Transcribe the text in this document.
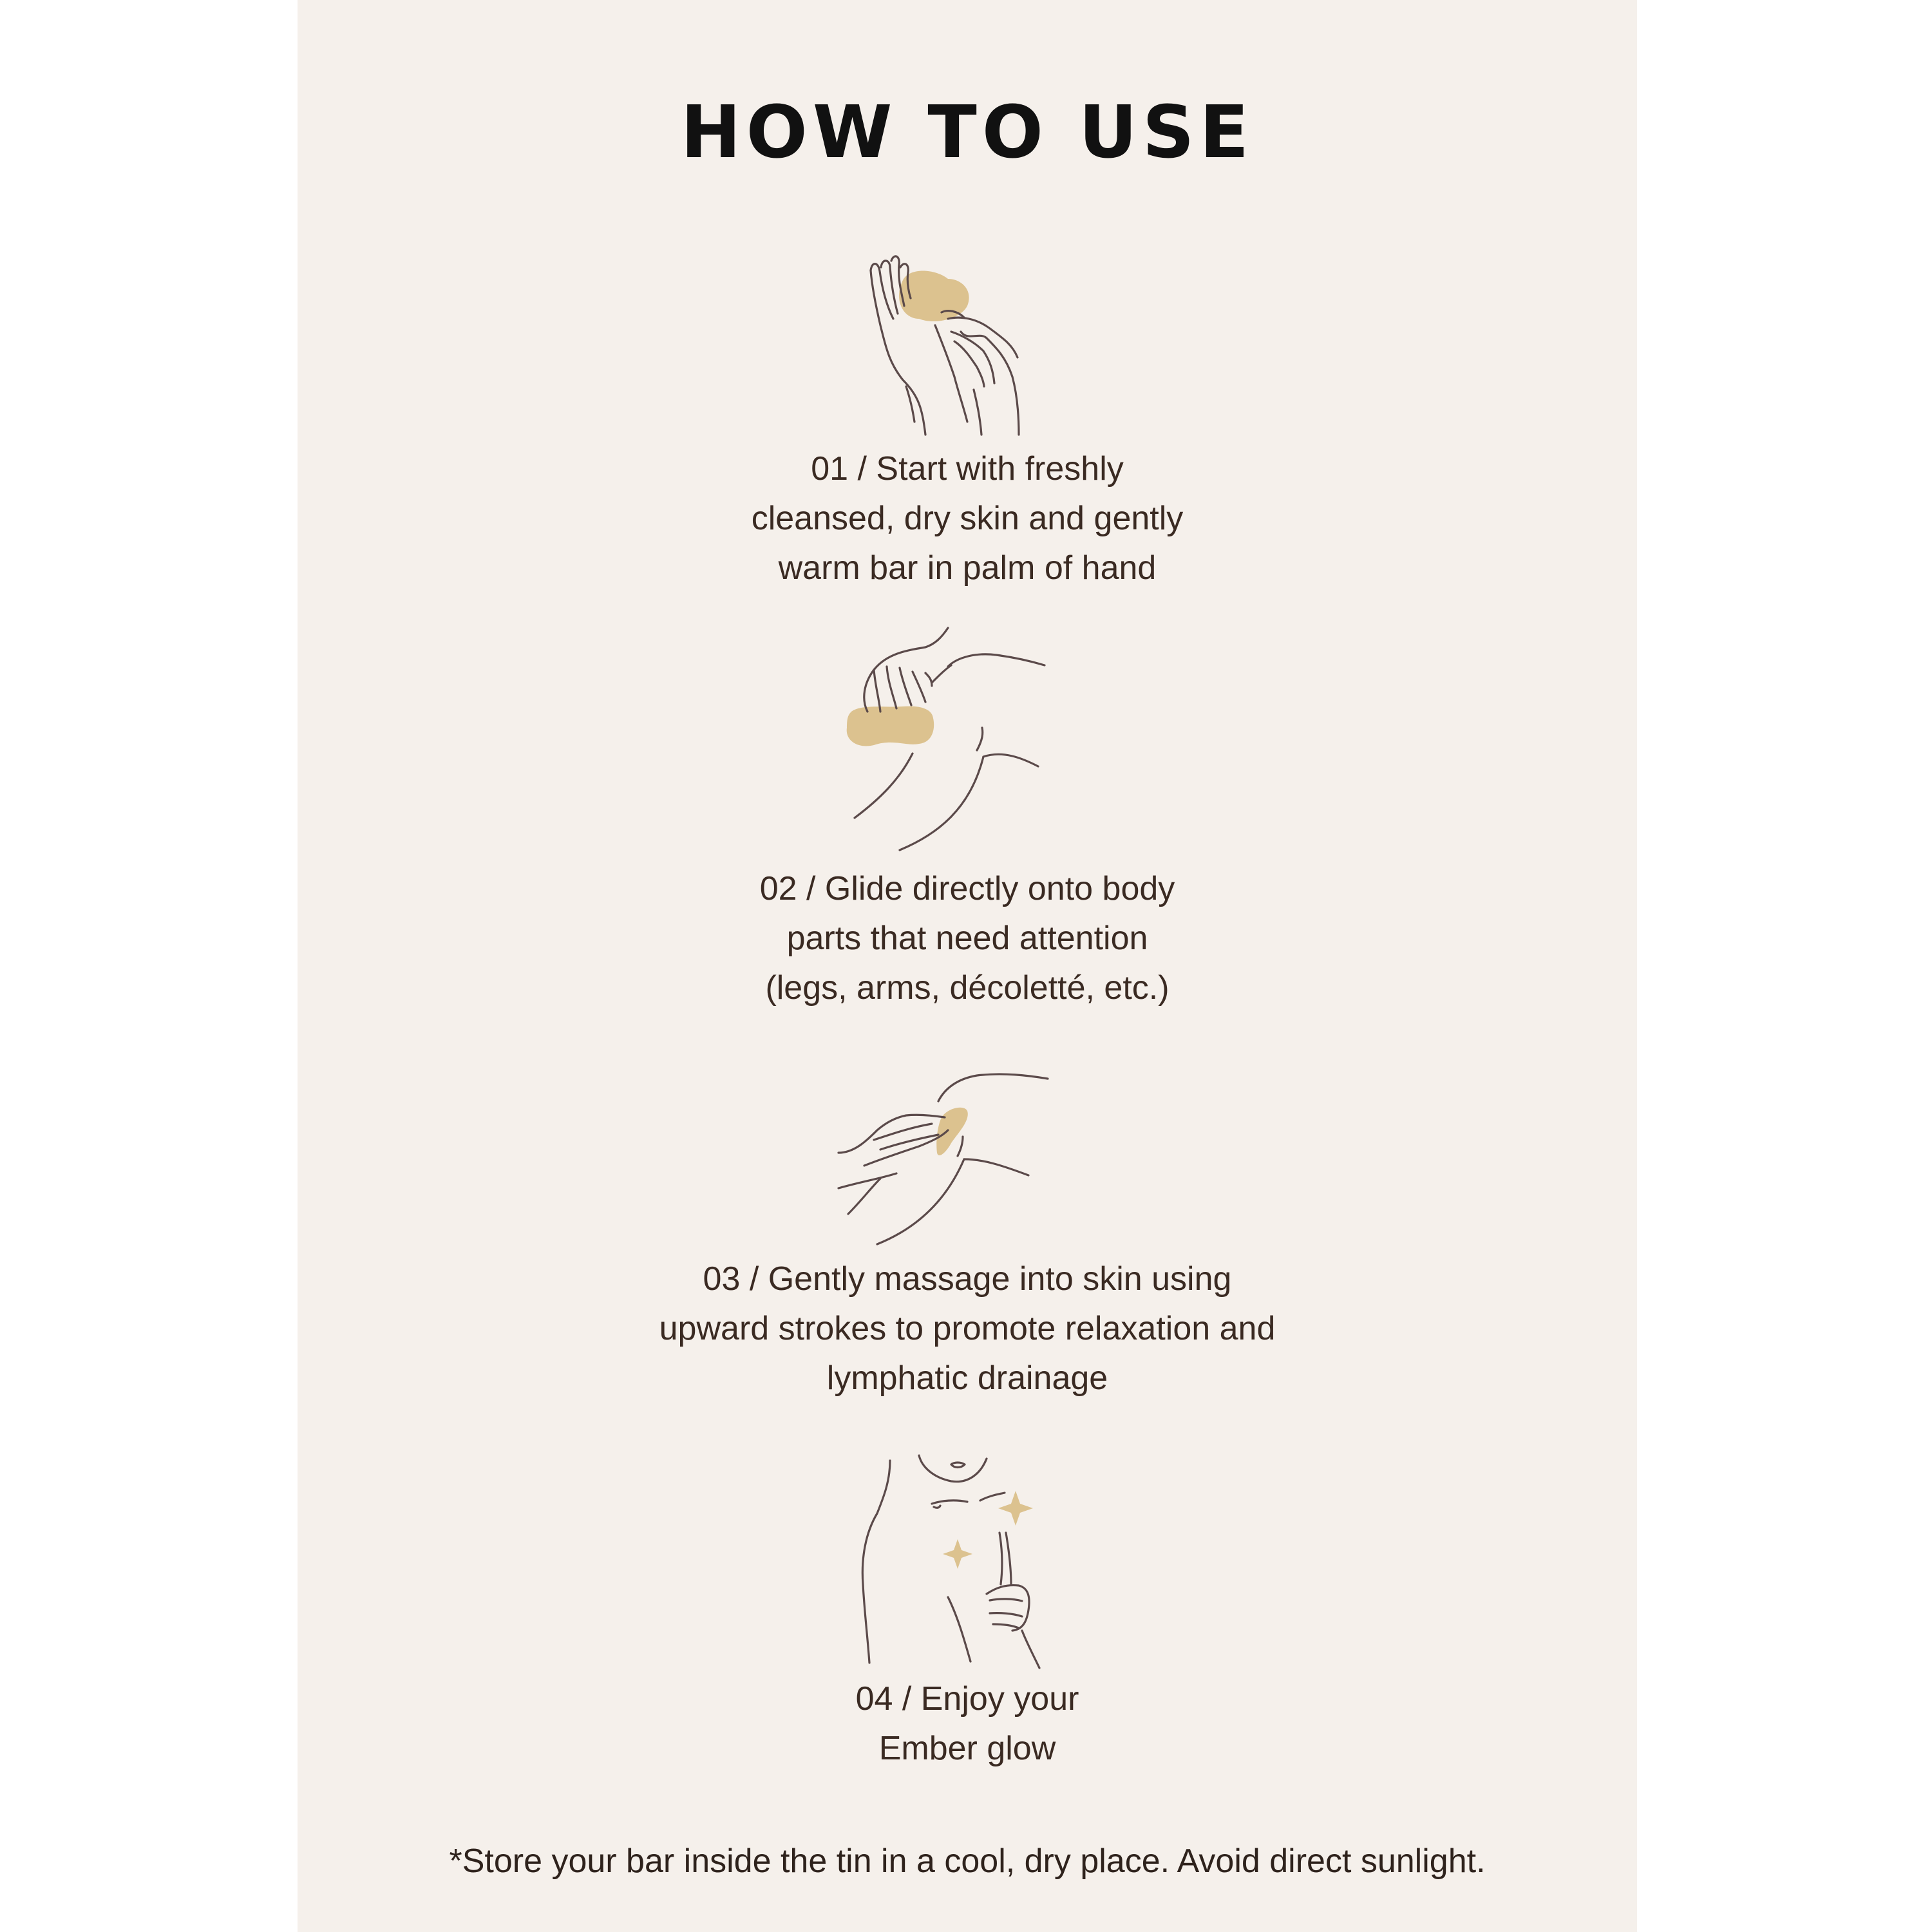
HOW TO USE

01 / Start with freshly
cleansed, dry skin and gently
warm bar in palm of hand

02 / Glide directly onto body
parts that need attention
(legs, arms, décoletté, etc.)

03 / Gently massage into skin using
upward strokes to promote relaxation and
lymphatic drainage

04 / Enjoy your
Ember glow

*Store your bar inside the tin in a cool, dry place. Avoid direct sunlight.
